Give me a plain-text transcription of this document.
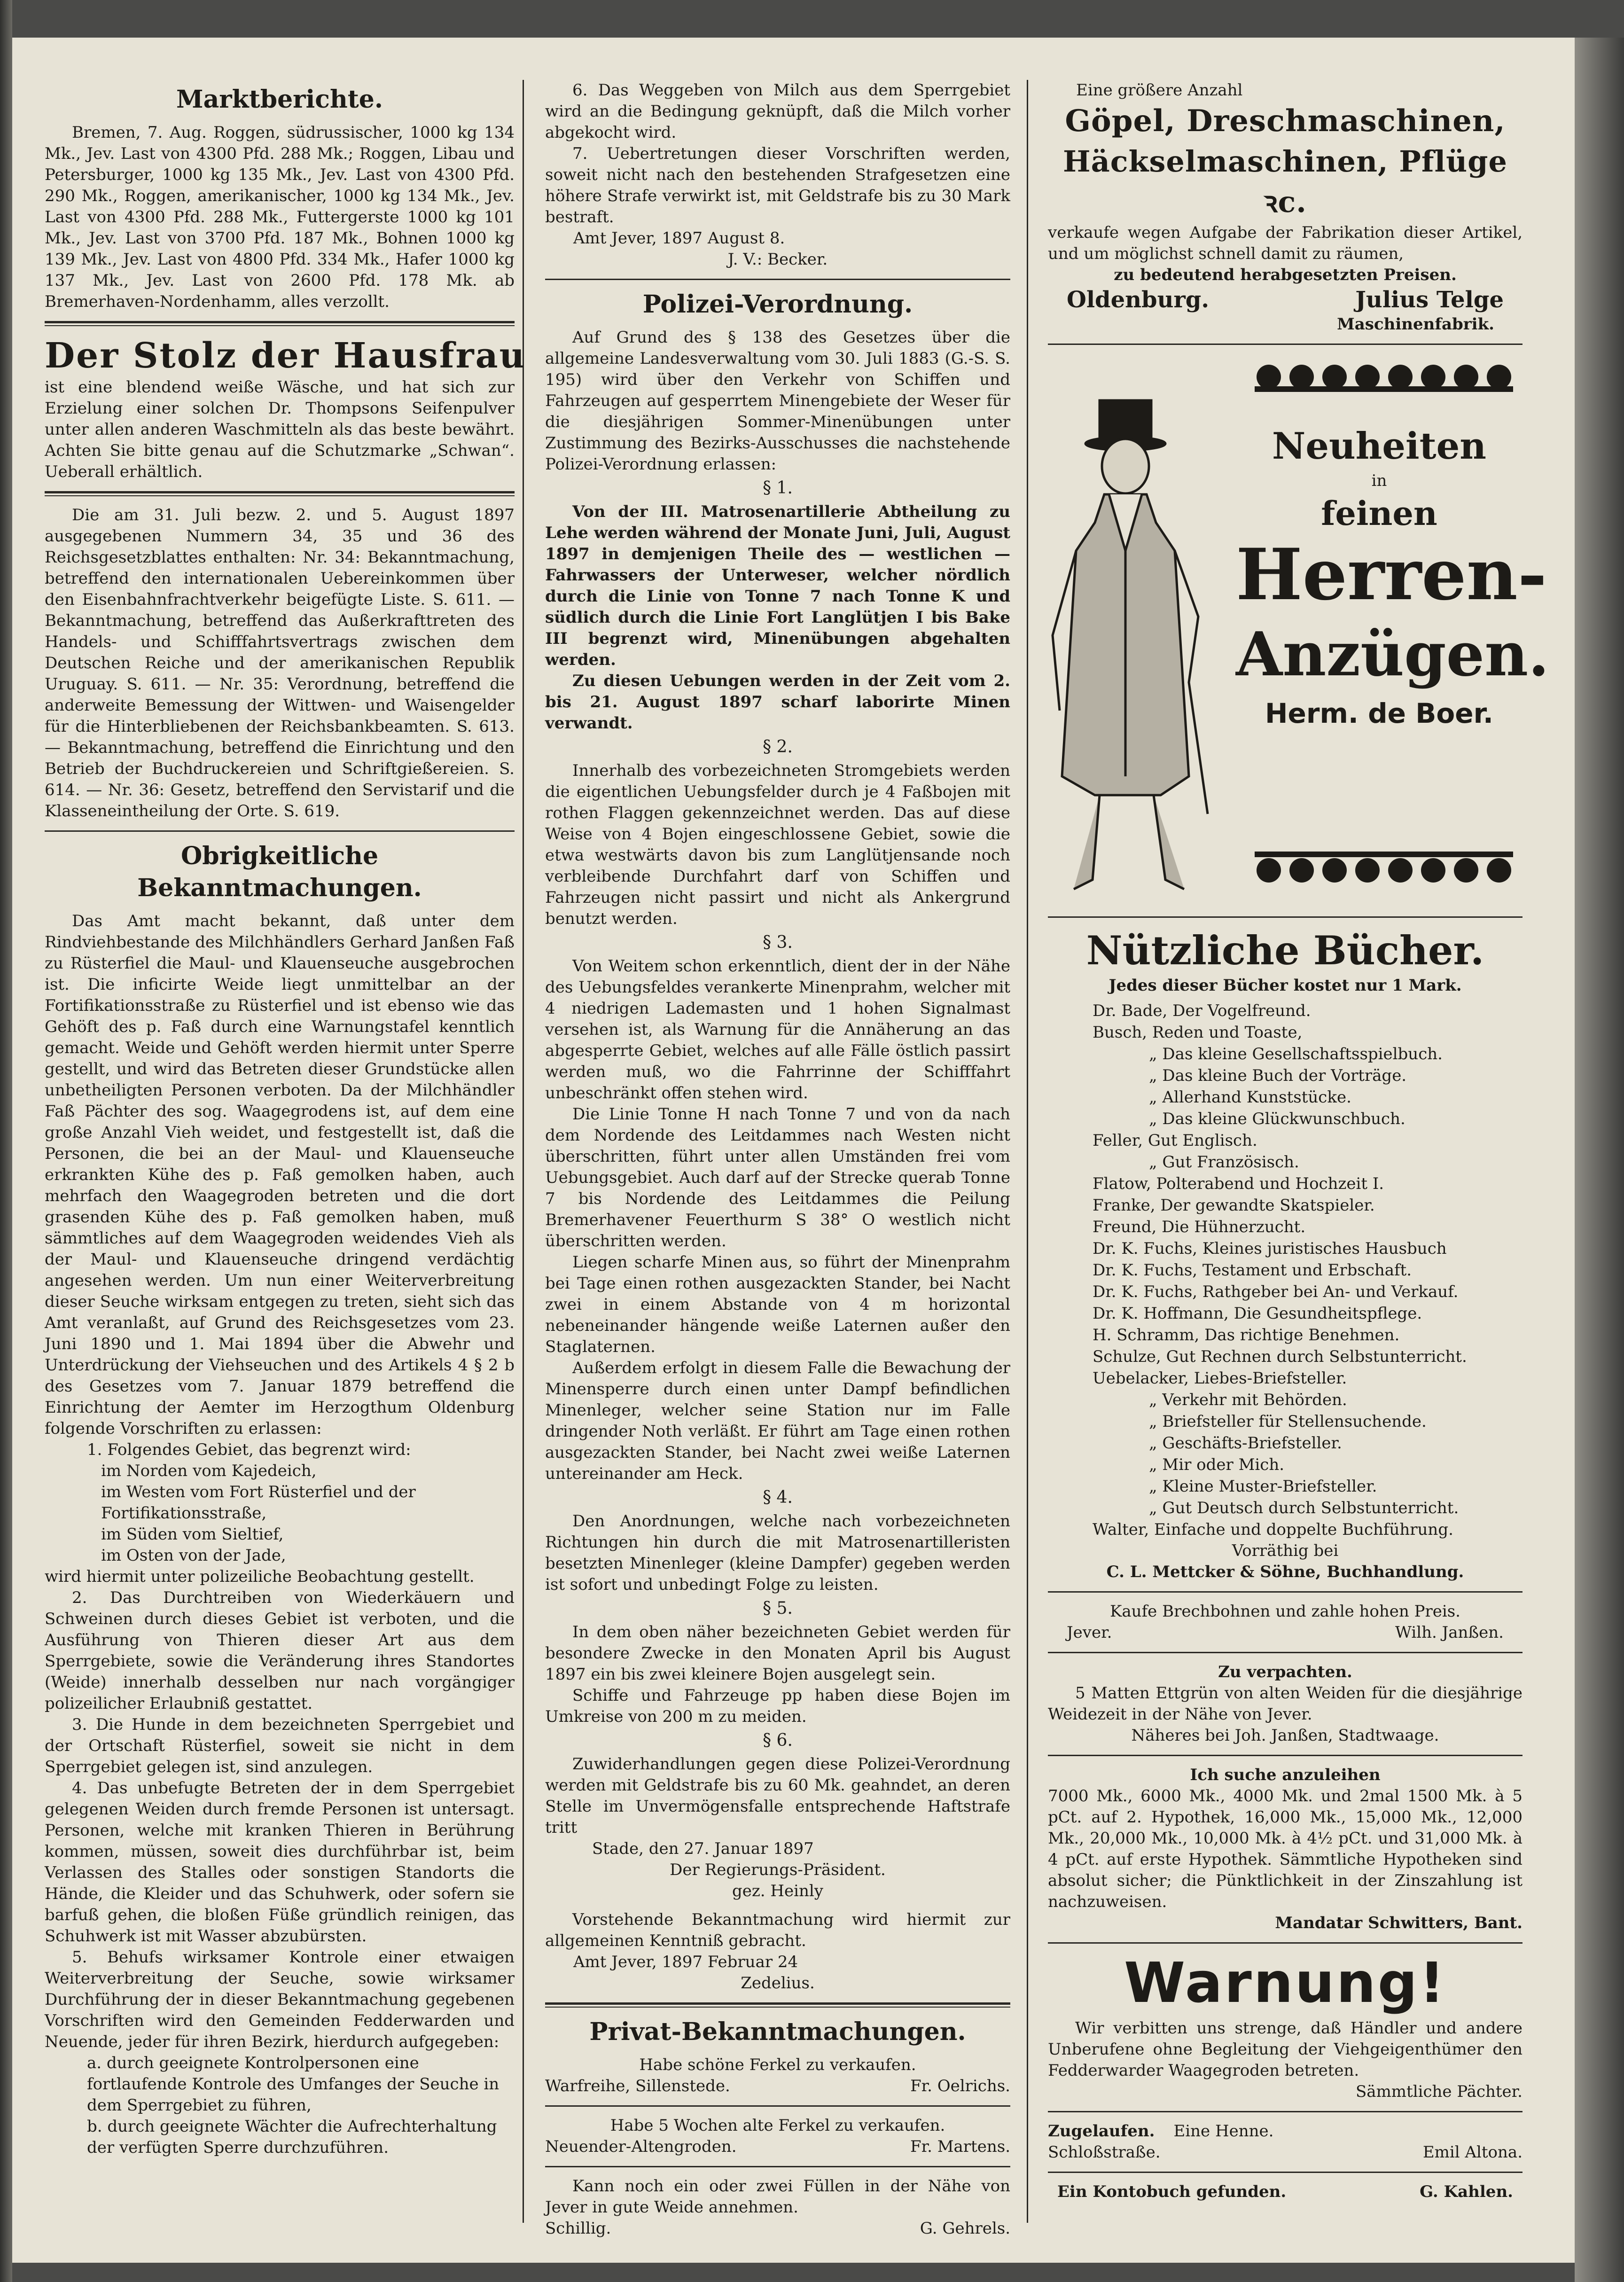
Marktberichte.

Bremen, 7. Aug. Roggen, südrussischer, 1000 kg 134 Mk., Jev. Last von 4300 Pfd. 288 Mk.; Roggen, Libau und Petersburger, 1000 kg 135 Mk., Jev. Last von 4300 Pfd. 290 Mk., Roggen, amerikanischer, 1000 kg 134 Mk., Jev. Last von 4300 Pfd. 288 Mk., Futtergerste 1000 kg 101 Mk., Jev. Last von 3700 Pfd. 187 Mk., Bohnen 1000 kg 139 Mk., Jev. Last von 4800 Pfd. 334 Mk., Hafer 1000 kg 137 Mk., Jev. Last von 2600 Pfd. 178 Mk. ab Bremerhaven-Nordenhamm, alles verzollt.

Der Stolz der Hausfrau

ist eine blendend weiße Wäsche, und hat sich zur Erzielung einer solchen Dr. Thompsons Seifenpulver unter allen anderen Waschmitteln als das beste bewährt. Achten Sie bitte genau auf die Schutzmarke „Schwan“. Ueberall erhältlich.

Die am 31. Juli bezw. 2. und 5. August 1897 ausgegebenen Nummern 34, 35 und 36 des Reichsgesetzblattes enthalten: Nr. 34: Bekanntmachung, betreffend den internationalen Uebereinkommen über den Eisenbahnfrachtverkehr beigefügte Liste. S. 611. — Bekanntmachung, betreffend das Außerkrafttreten des Handels- und Schifffahrtsvertrags zwischen dem Deutschen Reiche und der amerikanischen Republik Uruguay. S. 611. — Nr. 35: Verordnung, betreffend die anderweite Bemessung der Wittwen- und Waisengelder für die Hinterbliebenen der Reichsbankbeamten. S. 613. — Bekanntmachung, betreffend die Einrichtung und den Betrieb der Buchdruckereien und Schriftgießereien. S. 614. — Nr. 36: Gesetz, betreffend den Servistarif und die Klasseneintheilung der Orte. S. 619.

Obrigkeitliche Bekanntmachungen.

Das Amt macht bekannt, daß unter dem Rindviehbestande des Milchhändlers Gerhard Janßen Faß zu Rüsterfiel die Maul- und Klauenseuche ausgebrochen ist. Die inficirte Weide liegt unmittelbar an der Fortifikationsstraße zu Rüsterfiel und ist ebenso wie das Gehöft des p. Faß durch eine Warnungstafel kenntlich gemacht. Weide und Gehöft werden hiermit unter Sperre gestellt, und wird das Betreten dieser Grundstücke allen unbetheiligten Personen verboten. Da der Milchhändler Faß Pächter des sog. Waagegrodens ist, auf dem eine große Anzahl Vieh weidet, und festgestellt ist, daß die Personen, die bei an der Maul- und Klauenseuche erkrankten Kühe des p. Faß gemolken haben, auch mehrfach den Waagegroden betreten und die dort grasenden Kühe des p. Faß gemolken haben, muß sämmtliches auf dem Waagegroden weidendes Vieh als der Maul- und Klauenseuche dringend verdächtig angesehen werden. Um nun einer Weiterverbreitung dieser Seuche wirksam entgegen zu treten, sieht sich das Amt veranlaßt, auf Grund des Reichsgesetzes vom 23. Juni 1890 und 1. Mai 1894 über die Abwehr und Unterdrückung der Viehseuchen und des Artikels 4 § 2 b des Gesetzes vom 7. Januar 1879 betreffend die Einrichtung der Aemter im Herzogthum Oldenburg folgende Vorschriften zu erlassen:

1. Folgendes Gebiet, das begrenzt wird:

im Norden vom Kajedeich,

im Westen vom Fort Rüsterfiel und der Fortifikationsstraße,

im Süden vom Sieltief,

im Osten von der Jade,

wird hiermit unter polizeiliche Beobachtung gestellt.

2. Das Durchtreiben von Wiederkäuern und Schweinen durch dieses Gebiet ist verboten, und die Ausführung von Thieren dieser Art aus dem Sperrgebiete, sowie die Veränderung ihres Standortes (Weide) innerhalb desselben nur nach vorgängiger polizeilicher Erlaubniß gestattet.

3. Die Hunde in dem bezeichneten Sperrgebiet und der Ortschaft Rüsterfiel, soweit sie nicht in dem Sperrgebiet gelegen ist, sind anzulegen.

4. Das unbefugte Betreten der in dem Sperrgebiet gelegenen Weiden durch fremde Personen ist untersagt. Personen, welche mit kranken Thieren in Berührung kommen, müssen, soweit dies durchführbar ist, beim Verlassen des Stalles oder sonstigen Standorts die Hände, die Kleider und das Schuhwerk, oder sofern sie barfuß gehen, die bloßen Füße gründlich reinigen, das Schuhwerk ist mit Wasser abzubürsten.

5. Behufs wirksamer Kontrole einer etwaigen Weiterverbreitung der Seuche, sowie wirksamer Durchführung der in dieser Bekanntmachung gegebenen Vorschriften wird den Gemeinden Fedderwarden und Neuende, jeder für ihren Bezirk, hierdurch aufgegeben:

a. durch geeignete Kontrolpersonen eine fortlaufende Kontrole des Umfanges der Seuche in dem Sperrgebiet zu führen,

b. durch geeignete Wächter die Aufrechterhaltung der verfügten Sperre durchzuführen.

6. Das Weggeben von Milch aus dem Sperrgebiet wird an die Bedingung geknüpft, daß die Milch vorher abgekocht wird.

7. Uebertretungen dieser Vorschriften werden, soweit nicht nach den bestehenden Strafgesetzen eine höhere Strafe verwirkt ist, mit Geldstrafe bis zu 30 Mark bestraft.

Amt Jever, 1897 August 8.

J. V.: Becker.

Polizei-Verordnung.

Auf Grund des § 138 des Gesetzes über die allgemeine Landesverwaltung vom 30. Juli 1883 (G.-S. S. 195) wird über den Verkehr von Schiffen und Fahrzeugen auf gesperrtem Minengebiete der Weser für die diesjährigen Sommer-Minenübungen unter Zustimmung des Bezirks-Ausschusses die nachstehende Polizei-Verordnung erlassen:

§ 1.

Von der III. Matrosenartillerie Abtheilung zu Lehe werden während der Monate Juni, Juli, August 1897 in demjenigen Theile des — westlichen — Fahrwassers der Unterweser, welcher nördlich durch die Linie von Tonne 7 nach Tonne K und südlich durch die Linie Fort Langlütjen I bis Bake III begrenzt wird, Minenübungen abgehalten werden.

Zu diesen Uebungen werden in der Zeit vom 2. bis 21. August 1897 scharf laborirte Minen verwandt.

§ 2.

Innerhalb des vorbezeichneten Stromgebiets werden die eigentlichen Uebungsfelder durch je 4 Faßbojen mit rothen Flaggen gekennzeichnet werden. Das auf diese Weise von 4 Bojen eingeschlossene Gebiet, sowie die etwa westwärts davon bis zum Langlütjensande noch verbleibende Durchfahrt darf von Schiffen und Fahrzeugen nicht passirt und nicht als Ankergrund benutzt werden.

§ 3.

Von Weitem schon erkenntlich, dient der in der Nähe des Uebungsfeldes verankerte Minenprahm, welcher mit 4 niedrigen Lademasten und 1 hohen Signalmast versehen ist, als Warnung für die Annäherung an das abgesperrte Gebiet, welches auf alle Fälle östlich passirt werden muß, wo die Fahrrinne der Schifffahrt unbeschränkt offen stehen wird.

Die Linie Tonne H nach Tonne 7 und von da nach dem Nordende des Leitdammes nach Westen nicht überschritten, führt unter allen Umständen frei vom Uebungsgebiet. Auch darf auf der Strecke querab Tonne 7 bis Nordende des Leitdammes die Peilung Bremerhavener Feuerthurm S 38° O westlich nicht überschritten werden.

Liegen scharfe Minen aus, so führt der Minenprahm bei Tage einen rothen ausgezackten Stander, bei Nacht zwei in einem Abstande von 4 m horizontal nebeneinander hängende weiße Laternen außer den Staglaternen.

Außerdem erfolgt in diesem Falle die Bewachung der Minensperre durch einen unter Dampf befindlichen Minenleger, welcher seine Station nur im Falle dringender Noth verläßt. Er führt am Tage einen rothen ausgezackten Stander, bei Nacht zwei weiße Laternen untereinander am Heck.

§ 4.

Den Anordnungen, welche nach vorbezeichneten Richtungen hin durch die mit Matrosenartilleristen besetzten Minenleger (kleine Dampfer) gegeben werden ist sofort und unbedingt Folge zu leisten.

§ 5.

In dem oben näher bezeichneten Gebiet werden für besondere Zwecke in den Monaten April bis August 1897 ein bis zwei kleinere Bojen ausgelegt sein.

Schiffe und Fahrzeuge pp haben diese Bojen im Umkreise von 200 m zu meiden.

§ 6.

Zuwiderhandlungen gegen diese Polizei-Verordnung werden mit Geldstrafe bis zu 60 Mk. geahndet, an deren Stelle im Unvermögensfalle entsprechende Haftstrafe tritt

Stade, den 27. Januar 1897

Der Regierungs-Präsident.

gez. Heinly

Vorstehende Bekanntmachung wird hiermit zur allgemeinen Kenntniß gebracht.

Amt Jever, 1897 Februar 24

Zedelius.

Privat-Bekanntmachungen.

Habe schöne Ferkel zu verkaufen.

Warfreihe, Sillenstede.	Fr. Oelrichs.

Habe 5 Wochen alte Ferkel zu verkaufen.

Neuender-Altengroden.	Fr. Martens.

Kann noch ein oder zwei Füllen in der Nähe von Jever in gute Weide annehmen.

Schillig.	G. Gehrels.

Eine größere Anzahl

Göpel, Dreschmaschinen,
Häckselmaschinen, Pflüge ꝛc.

verkaufe wegen Aufgabe der Fabrikation dieser Artikel, und um möglichst schnell damit zu räumen,

zu bedeutend herabgesetzten Preisen.

Oldenburg.	Julius Telge

Maschinenfabrik.

Neuheiten
in
feinen
Herren-
Anzügen.
Herm. de Boer.
Nützliche Bücher.

Jedes dieser Bücher kostet nur 1 Mark.

Dr. Bade, Der Vogelfreund.

Busch, Reden und Toaste,

„ Das kleine Gesellschaftsspielbuch.

„ Das kleine Buch der Vorträge.

„ Allerhand Kunststücke.

„ Das kleine Glückwunschbuch.

Feller, Gut Englisch.

„ Gut Französisch.

Flatow, Polterabend und Hochzeit I.

Franke, Der gewandte Skatspieler.

Freund, Die Hühnerzucht.

Dr. K. Fuchs, Kleines juristisches Hausbuch

Dr. K. Fuchs, Testament und Erbschaft.

Dr. K. Fuchs, Rathgeber bei An- und Verkauf.

Dr. K. Hoffmann, Die Gesundheitspflege.

H. Schramm, Das richtige Benehmen.

Schulze, Gut Rechnen durch Selbstunterricht.

Uebelacker, Liebes-Briefsteller.

„ Verkehr mit Behörden.

„ Briefsteller für Stellensuchende.

„ Geschäfts-Briefsteller.

„ Mir oder Mich.

„ Kleine Muster-Briefsteller.

„ Gut Deutsch durch Selbstunterricht.

Walter, Einfache und doppelte Buchführung.

Vorräthig bei

C. L. Mettcker & Söhne, Buchhandlung.

Kaufe Brechbohnen und zahle hohen Preis.

Jever.	Wilh. Janßen.

Zu verpachten.

5 Matten Ettgrün von alten Weiden für die diesjährige Weidezeit in der Nähe von Jever.

Näheres bei Joh. Janßen, Stadtwaage.

Ich suche anzuleihen

7000 Mk., 6000 Mk., 4000 Mk. und 2mal 1500 Mk. à 5 pCt. auf 2. Hypothek, 16,000 Mk., 15,000 Mk., 12,000 Mk., 20,000 Mk., 10,000 Mk. à 4½ pCt. und 31,000 Mk. à 4 pCt. auf erste Hypothek. Sämmtliche Hypotheken sind absolut sicher; die Pünktlichkeit in der Zinszahlung ist nachzuweisen.

Mandatar Schwitters, Bant.

Warnung!

Wir verbitten uns strenge, daß Händler und andere Unberufene ohne Begleitung der Viehgeigenthümer den Fedderwarder Waagegroden betreten.

Sämmtliche Pächter.

Zugelaufen. Eine Henne.
Schloßstraße.	Emil Altona.
Ein Kontobuch gefunden.	G. Kahlen.
